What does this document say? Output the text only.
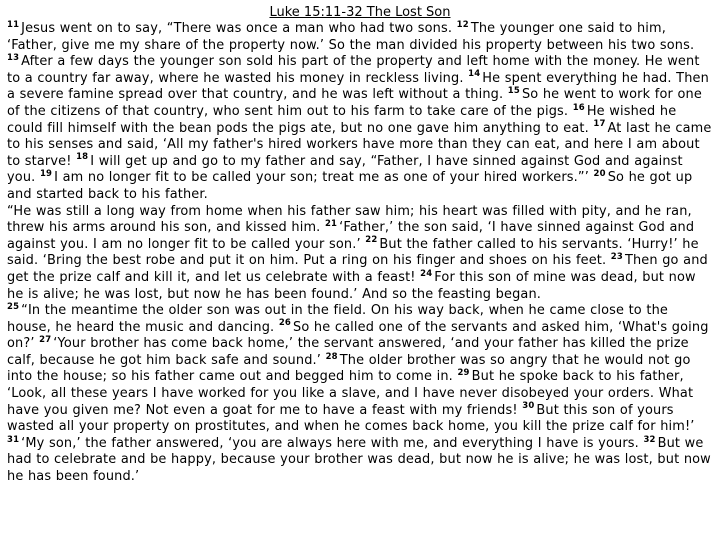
Luke 15:11-32 The Lost Son

$^{11}$ Jesus went on to say, “There was once a man who had two sons. $^{12}$ The younger one said to him, ‘Father, give me my share of the property now.’ So the man divided his property between his two sons. $^{13}$ After a few days the younger son sold his part of the property and left home with the money. He went to a country far away, where he wasted his money in reckless living. $^{14}$ He spent everything he had. Then a severe famine spread over that country, and he was left without a thing. $^{15}$ So he went to work for one of the citizens of that country, who sent him out to his farm to take care of the pigs. $^{16}$ He wished he could fill himself with the bean pods the pigs ate, but no one gave him anything to eat. $^{17}$ At last he came to his senses and said, ‘All my father's hired workers have more than they can eat, and here I am about to starve! $^{18}$ I will get up and go to my father and say, “Father, I have sinned against God and against you. $^{19}$ I am no longer fit to be called your son; treat me as one of your hired workers.”’ $^{20}$ So he got up and started back to his father.

“He was still a long way from home when his father saw him; his heart was filled with pity, and he ran, threw his arms around his son, and kissed him. $^{21}$ ‘Father,’ the son said, ‘I have sinned against God and against you. I am no longer fit to be called your son.’ $^{22}$ But the father called to his servants. ‘Hurry!’ he said. ‘Bring the best robe and put it on him. Put a ring on his finger and shoes on his feet. $^{23}$ Then go and get the prize calf and kill it, and let us celebrate with a feast! $^{24}$ For this son of mine was dead, but now he is alive; he was lost, but now he has been found.’ And so the feasting began.

$^{25}$ “In the meantime the older son was out in the field. On his way back, when he came close to the house, he heard the music and dancing. $^{26}$ So he called one of the servants and asked him, ‘What's going on?’ $^{27}$ ‘Your brother has come back home,’ the servant answered, ‘and your father has killed the prize calf, because he got him back safe and sound.’ $^{28}$ The older brother was so angry that he would not go into the house; so his father came out and begged him to come in. $^{29}$ But he spoke back to his father, ‘Look, all these years I have worked for you like a slave, and I have never disobeyed your orders. What have you given me? Not even a goat for me to have a feast with my friends! $^{30}$ But this son of yours wasted all your property on prostitutes, and when he comes back home, you kill the prize calf for him!’ $^{31}$ ‘My son,’ the father answered, ‘you are always here with me, and everything I have is yours. $^{32}$ But we had to celebrate and be happy, because your brother was dead, but now he is alive; he was lost, but now he has been found.’
